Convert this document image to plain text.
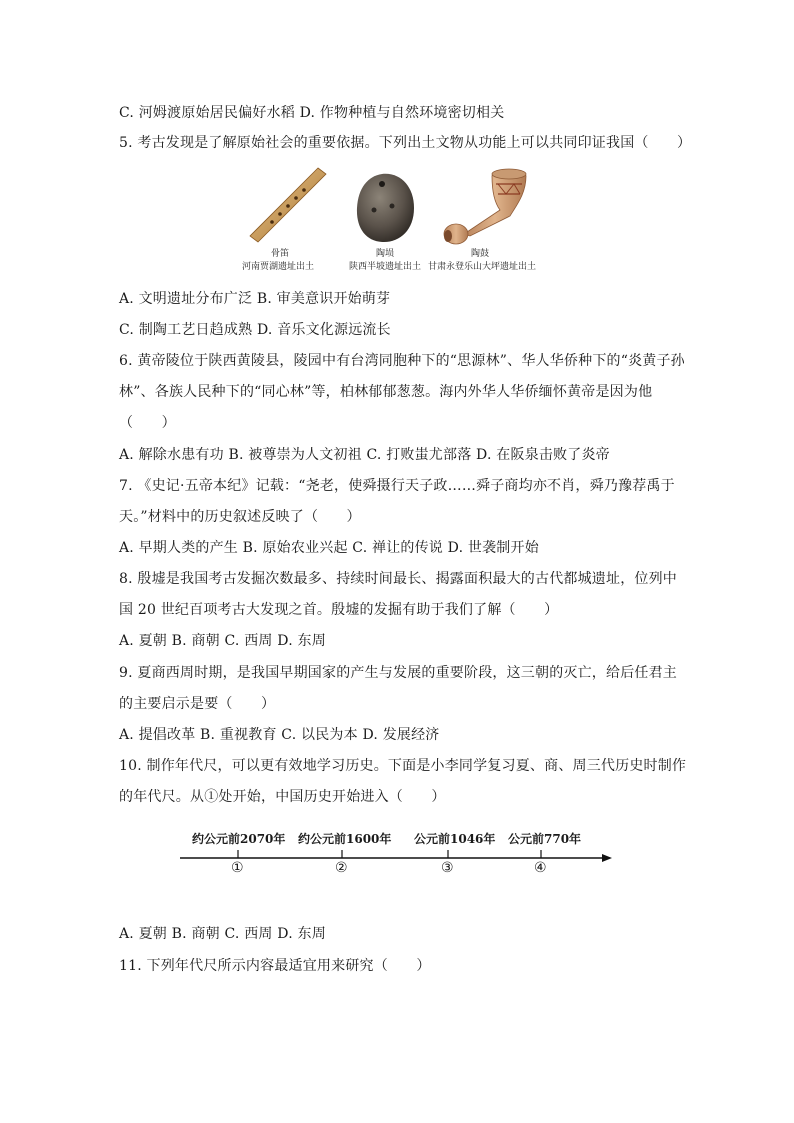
C. 河姆渡原始居民偏好水稻 D. 作物种植与自然环境密切相关
5. 考古发现是了解原始社会的重要依据。下列出土文物从功能上可以共同印证我国（　　）
骨笛
河南贾湖遗址出土
陶埙
陕西半坡遗址出土
陶鼓
甘肃永登乐山大坪遗址出土
A. 文明遗址分布广泛 B. 审美意识开始萌芽
C. 制陶工艺日趋成熟 D. 音乐文化源远流长
6. 黄帝陵位于陕西黄陵县，陵园中有台湾同胞种下的“思源林”、华人华侨种下的“炎黄子孙
林”、各族人民种下的“同心林”等，柏林郁郁葱葱。海内外华人华侨缅怀黄帝是因为他
（　　）
A. 解除水患有功 B. 被尊崇为人文初祖 C. 打败蚩尤部落 D. 在阪泉击败了炎帝
7. 《史记·五帝本纪》记载：“尧老，使舜摄行天子政……舜子商均亦不肖，舜乃豫荐禹于
天。”材料中的历史叙述反映了（　　）
A. 早期人类的产生 B. 原始农业兴起 C. 禅让的传说 D. 世袭制开始
8. 殷墟是我国考古发掘次数最多、持续时间最长、揭露面积最大的古代都城遗址，位列中
国 20 世纪百项考古大发现之首。殷墟的发掘有助于我们了解（　　）
A. 夏朝 B. 商朝 C. 西周 D. 东周
9. 夏商西周时期，是我国早期国家的产生与发展的重要阶段，这三朝的灭亡，给后任君主
的主要启示是要（　　）
A. 提倡改革 B. 重视教育 C. 以民为本 D. 发展经济
10. 制作年代尺，可以更有效地学习历史。下面是小李同学复习夏、商、周三代历史时制作
的年代尺。从①处开始，中国历史开始进入（　　）
约公元前2070年 约公元前1600年 公元前1046年 公元前770年
①	②	③	④
A. 夏朝 B. 商朝 C. 西周 D. 东周
11. 下列年代尺所示内容最适宜用来研究（　　）
